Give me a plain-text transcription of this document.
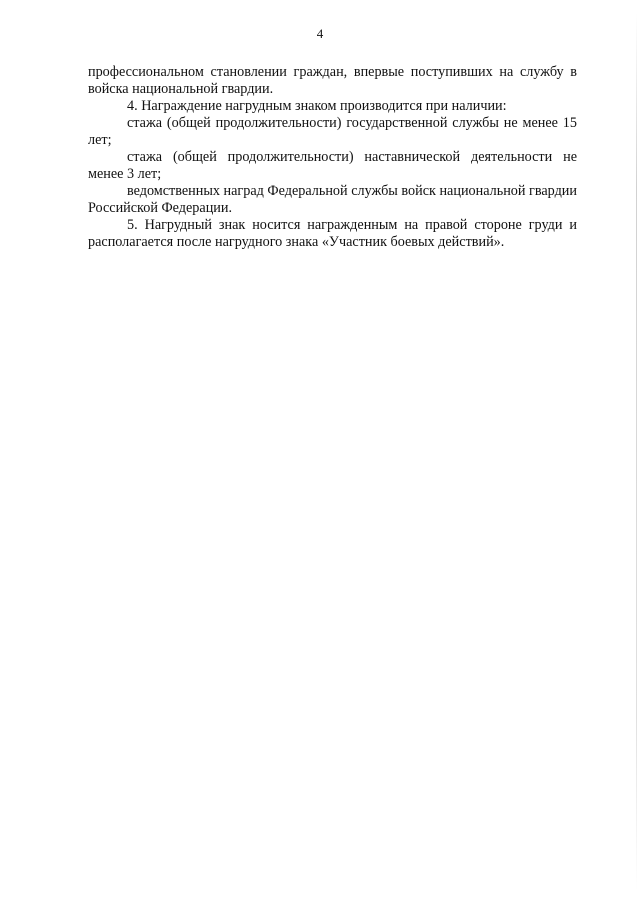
4

профессиональном становлении граждан, впервые поступивших на службу в войска национальной гвардии.

4. Награждение нагрудным знаком производится при наличии:

стажа (общей продолжительности) государственной службы не менее 15 лет;

стажа (общей продолжительности) наставнической деятельности не менее 3 лет;

ведомственных наград Федеральной службы войск национальной гвардии Российской Федерации.

5. Нагрудный знак носится награжденным на правой стороне груди и располагается после нагрудного знака «Участник боевых действий».
